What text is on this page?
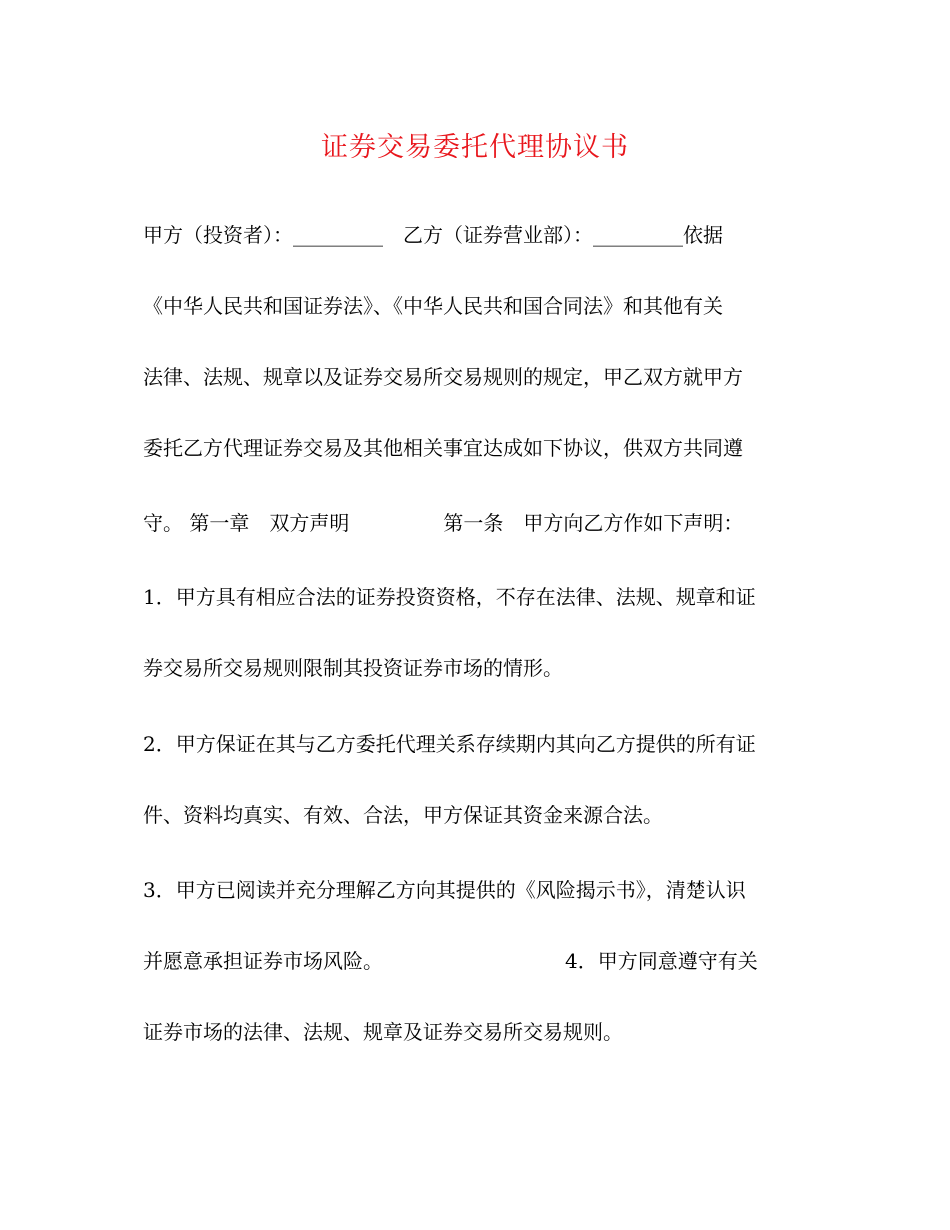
证券交易委托代理协议书
甲方（投资者）：_________ 乙方（证券营业部）：_________依据
《中华人民共和国证券法》、《中华人民共和国合同法》和其他有关
法律、法规、规章以及证券交易所交易规则的规定，甲乙双方就甲方
委托乙方代理证券交易及其他相关事宜达成如下协议，供双方共同遵
守。 第一章　双方声明	第一条　甲方向乙方作如下声明：
1．甲方具有相应合法的证券投资资格，不存在法律、法规、规章和证
券交易所交易规则限制其投资证券市场的情形。
2．甲方保证在其与乙方委托代理关系存续期内其向乙方提供的所有证
件、资料均真实、有效、合法，甲方保证其资金来源合法。
3．甲方已阅读并充分理解乙方向其提供的《风险揭示书》，清楚认识
并愿意承担证券市场风险。	4．甲方同意遵守有关
证券市场的法律、法规、规章及证券交易所交易规则。
